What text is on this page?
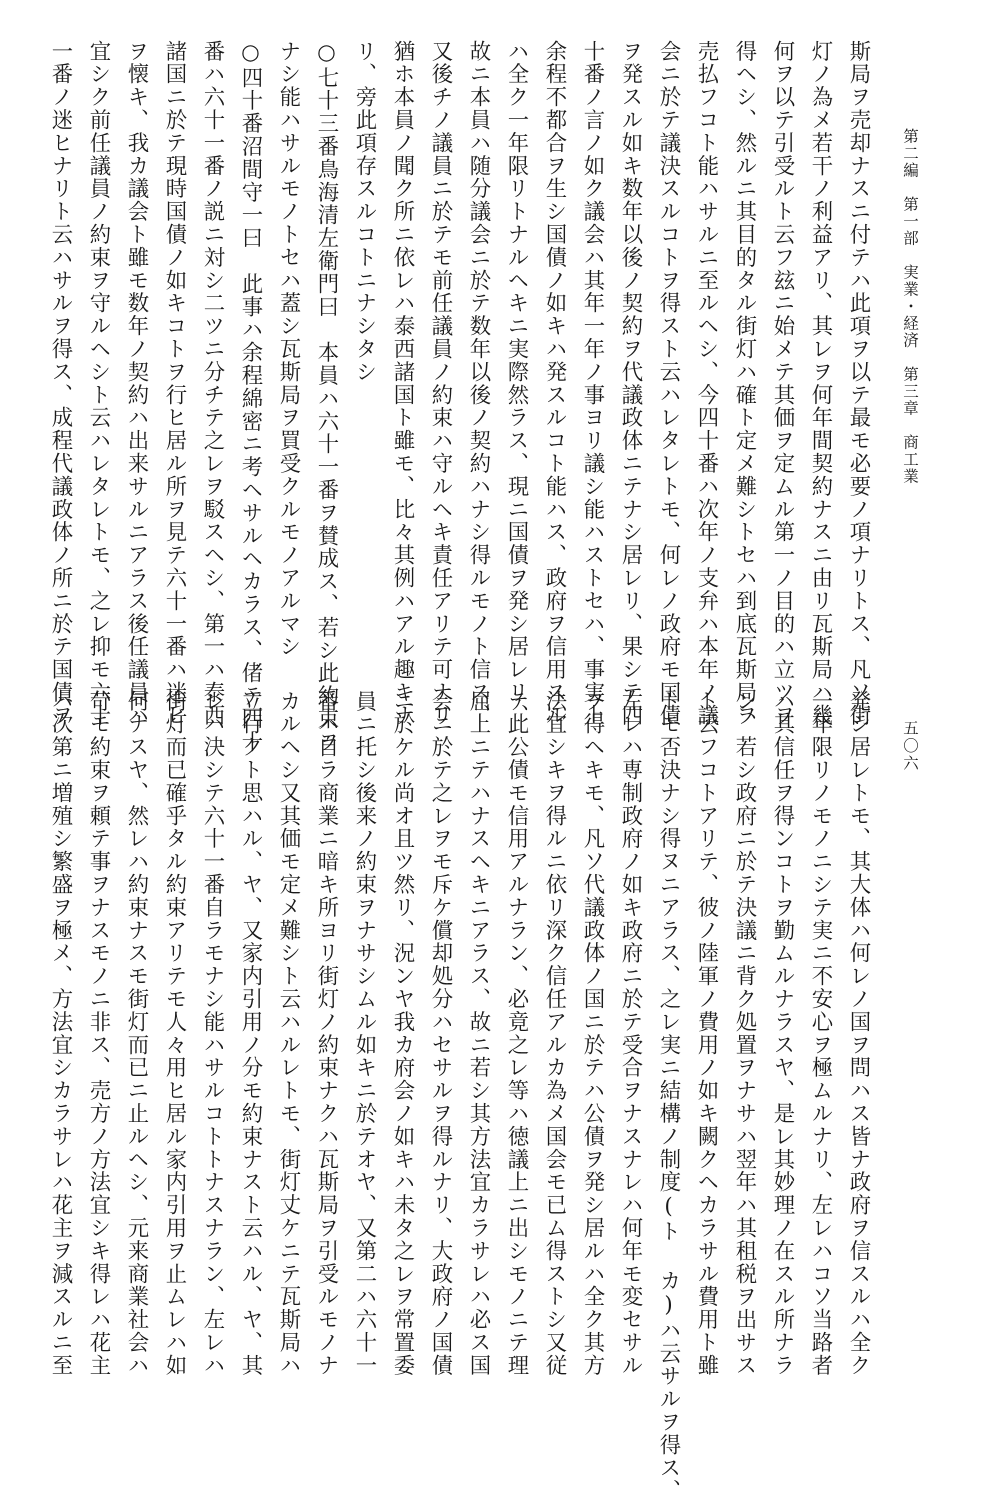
第二編　第一部　実業・経済　第三章　商工業
五〇六
斯局ヲ売却ナスニ付テハ此項ヲ以テ最モ必要ノ項ナリトス、凡ソ街
灯ノ為メ若干ノ利益アリ、其レヲ何年間契約ナスニ由リ瓦斯局ハ幾
何ヲ以テ引受ルト云フ玆ニ始メテ其価ヲ定ムル第一ノ目的ハ立ツヲ
得ヘシ、然ルニ其目的タル街灯ハ確ト定メ難シトセハ到底瓦斯局ヲ
売払フコト能ハサルニ至ルヘシ、今四十番ハ次年ノ支弁ハ本年ノ議
会ニ於テ議決スルコトヲ得スト云ハレタレトモ、何レノ政府モ国債
ヲ発スル如キ数年以後ノ契約ヲ代議政体ニテナシ居レリ、果シテ四
十番ノ言ノ如ク議会ハ其年一年ノ事ヨリ議シ能ハストセハ、事実上
余程不都合ヲ生シ国債ノ如キハ発スルコト能ハス、政府ヲ信用スル
ハ全ク一年限リトナルヘキニ実際然ラス、現ニ国債ヲ発シ居レリ、
故ニ本員ハ随分議会ニ於テ数年以後ノ契約ハナシ得ルモノト信ス、
又後チノ議員ニ於テモ前任議員ノ約束ハ守ルヘキ責任アリテ可ナリ
猶ホ本員ノ聞ク所ニ依レハ泰西諸国ト雖モ、比々其例ハアル趣キナ
リ、旁此項存スルコトニナシタシ
○七十三番鳥海清左衛門曰　本員ハ六十一番ヲ賛成ス、若シ此約束ヲ
ナシ能ハサルモノトセハ蓋シ瓦斯局ヲ買受クルモノアルマシ
○四十番沼間守一曰　此事ハ余程綿密ニ考ヘサルヘカラス、偖テ四十
番ハ六十一番ノ説ニ対シ二ツニ分チテ之レヲ駁スヘシ、第一ハ泰西
諸国ニ於テ現時国債ノ如キコトヲ行ヒ居ル所ヲ見テ六十一番ハ迷ヒ
ヲ懐キ、我カ議会ト雖モ数年ノ契約ハ出来サルニアラス後任議員ハ
宜シク前任議員ノ約束ヲ守ルヘシト云ハレタレトモ、之レ抑モ六十
一番ノ迷ヒナリト云ハサルヲ得ス、成程代議政体ノ所ニ於テ国債ヲ
発シ居レトモ、其大体ハ何レノ国ヲ問ハス皆ナ政府ヲ信スルハ全ク
一年限リノモノニシテ実ニ不安心ヲ極ムルナリ、左レハコソ当路者
ハ其信任ヲ得ンコトヲ勤ムルナラスヤ、是レ其妙理ノ在スル所ナラ
ン、若シ政府ニ於テ決議ニ背ク処置ヲナサハ翌年ハ其租税ヲ出サス
ト云フコトアリテ、彼ノ陸軍ノ費用ノ如キ闕クヘカラサル費用ト雖
トモ否決ナシ得ヌニアラス、之レ実ニ結構ノ制度(ト カ)ハ云サルヲ得ス、
左レハ専制政府ノ如キ政府ニ於テ受合ヲナスナレハ何年モ変セサル
ヲ得ヘキモ、凡ソ代議政体ノ国ニ於テハ公債ヲ発シ居ルハ全ク其方
法宜シキヲ得ルニ依リ深ク信任アルカ為メ国会モ已ム得ストシ又従
テ此公債モ信用アルナラン、必竟之レ等ハ徳議上ニ出シモノニテ理
屈上ニテハナスヘキニアラス、故ニ若シ其方法宜カラサレハ必ス国
会ニ於テ之レヲモ斥ケ償却処分ハセサルヲ得ルナリ、大政府ノ国債
ニ於ケル尚オ且ツ然リ、況ンヤ我カ府会ノ如キハ未タ之レヲ常置委
員ニ托シ後来ノ約束ヲナサシムル如キニ於テオヤ、又第二ハ六十一
番ハ自ラ商業ニ暗キ所ヨリ街灯ノ約束ナクハ瓦斯局ヲ引受ルモノナ
カルヘシ又其価モ定メ難シト云ハルレトモ、街灯丈ケニテ瓦斯局ハ
立行クト思ハル、ヤ、又家内引用ノ分モ約束ナスト云ハル、ヤ、其
レハ決シテ六十一番自ラモナシ能ハサルコトトナスナラン、左レハ
街灯而已確乎タル約束アリテモ人々用ヒ居ル家内引用ヲ止ムレハ如
何ナスヤ、然レハ約束ナスモ街灯而已ニ止ルヘシ、元来商業社会ハ
苛モ約束ヲ頼テ事ヲナスモノニ非ス、売方ノ方法宜シキ得レハ花主
ハ次第ニ増殖シ繁盛ヲ極メ、方法宜シカラサレハ花主ヲ減スルニ至
